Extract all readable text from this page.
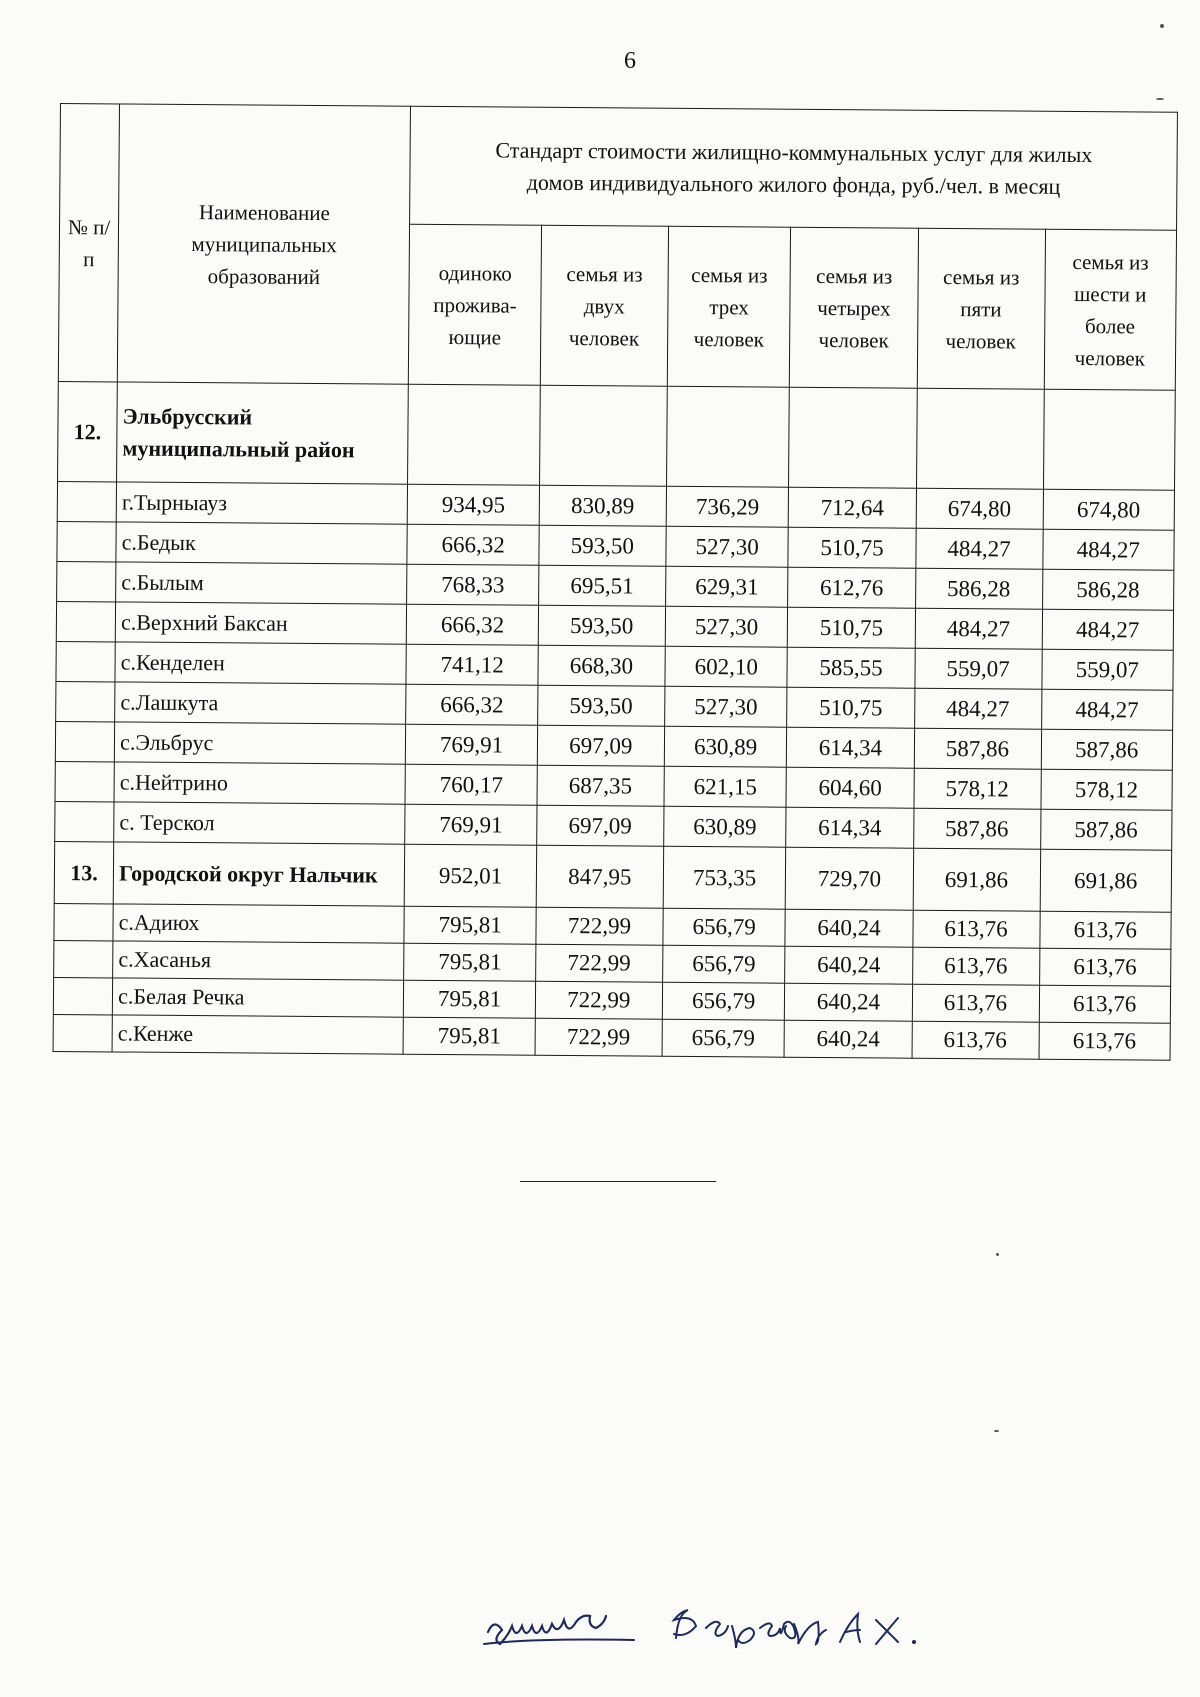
6
№ п/п	Наименование муниципальных образований	Стандарт стоимости жилищно-коммунальных услуг для жилых домов индивидуального жилого фонда, руб./чел. в месяц					
		одиноко прожива-ющие	семья из двух человек	семья из трех человек	семья из четырех человек	семья из пяти человек	семья из шести и более человек
12.	Эльбрусский муниципальный район						
	г.Тырныауз	934,95	830,89	736,29	712,64	674,80	674,80
	с.Бедык	666,32	593,50	527,30	510,75	484,27	484,27
	с.Былым	768,33	695,51	629,31	612,76	586,28	586,28
	с.Верхний Баксан	666,32	593,50	527,30	510,75	484,27	484,27
	с.Кенделен	741,12	668,30	602,10	585,55	559,07	559,07
	с.Лашкута	666,32	593,50	527,30	510,75	484,27	484,27
	с.Эльбрус	769,91	697,09	630,89	614,34	587,86	587,86
	с.Нейтрино	760,17	687,35	621,15	604,60	578,12	578,12
	с. Терскол	769,91	697,09	630,89	614,34	587,86	587,86
13.	Городской округ Нальчик	952,01	847,95	753,35	729,70	691,86	691,86
	с.Адиюх	795,81	722,99	656,79	640,24	613,76	613,76
	с.Хасанья	795,81	722,99	656,79	640,24	613,76	613,76
	с.Белая Речка	795,81	722,99	656,79	640,24	613,76	613,76
	с.Кенже	795,81	722,99	656,79	640,24	613,76	613,76
